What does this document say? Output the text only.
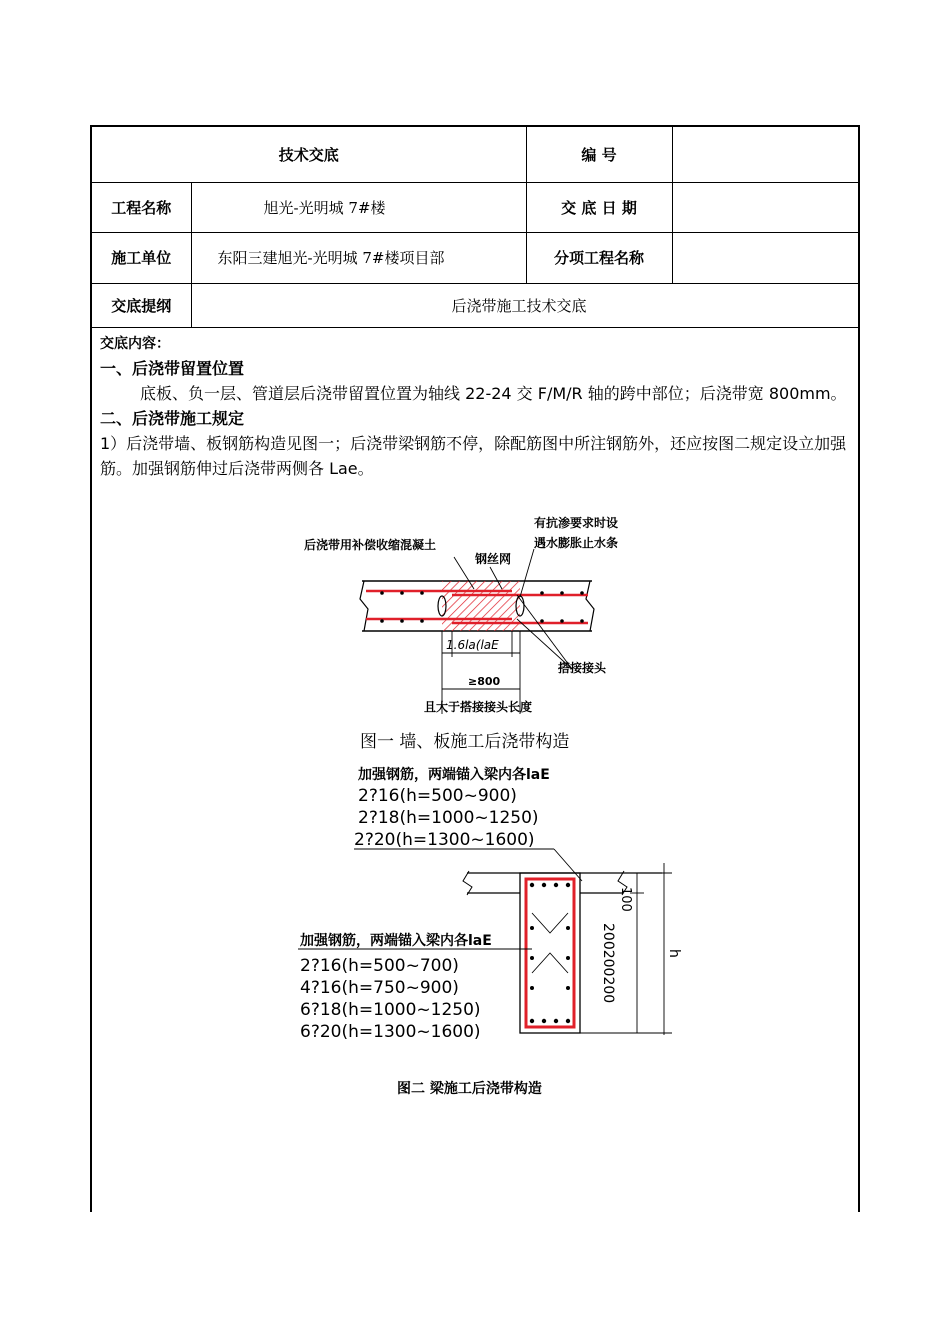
技术交底		编 号	
工程名称	旭光-光明城 7#楼	交 底 日 期	
施工单位	东阳三建旭光-光明城 7#楼项目部	分项工程名称	
交底提纲	后浇带施工技术交底		
交底内容：
一、后浇带留置位置

底板、负一层、管道层后浇带留置位置为轴线 22-24 交 F/M/R 轴的跨中部位；后浇带宽 800mm。

二、后浇带施工规定

1）后浇带墙、板钢筋构造见图一；后浇带梁钢筋不停，除配筋图中所注钢筋外，还应按图二规定设立加强筋。加强钢筋伸过后浇带两侧各 Lae。

后浇带用补偿收缩混凝土
有抗渗要求时设
遇水膨胀止水条
钢丝网
1.6la(laE
≥800
搭接接头
且大于搭接接头长度
图一 墙、板施工后浇带构造
加强钢筋，两端锚入梁内各laE
2?16(h=500~900)
2?18(h=1000~1250)
2?20(h=1300~1600)
100
200200200	h
加强钢筋，两端锚入梁内各laE
2?16(h=500~700)
4?16(h=750~900)
6?18(h=1000~1250)
6?20(h=1300~1600)
图二 梁施工后浇带构造
